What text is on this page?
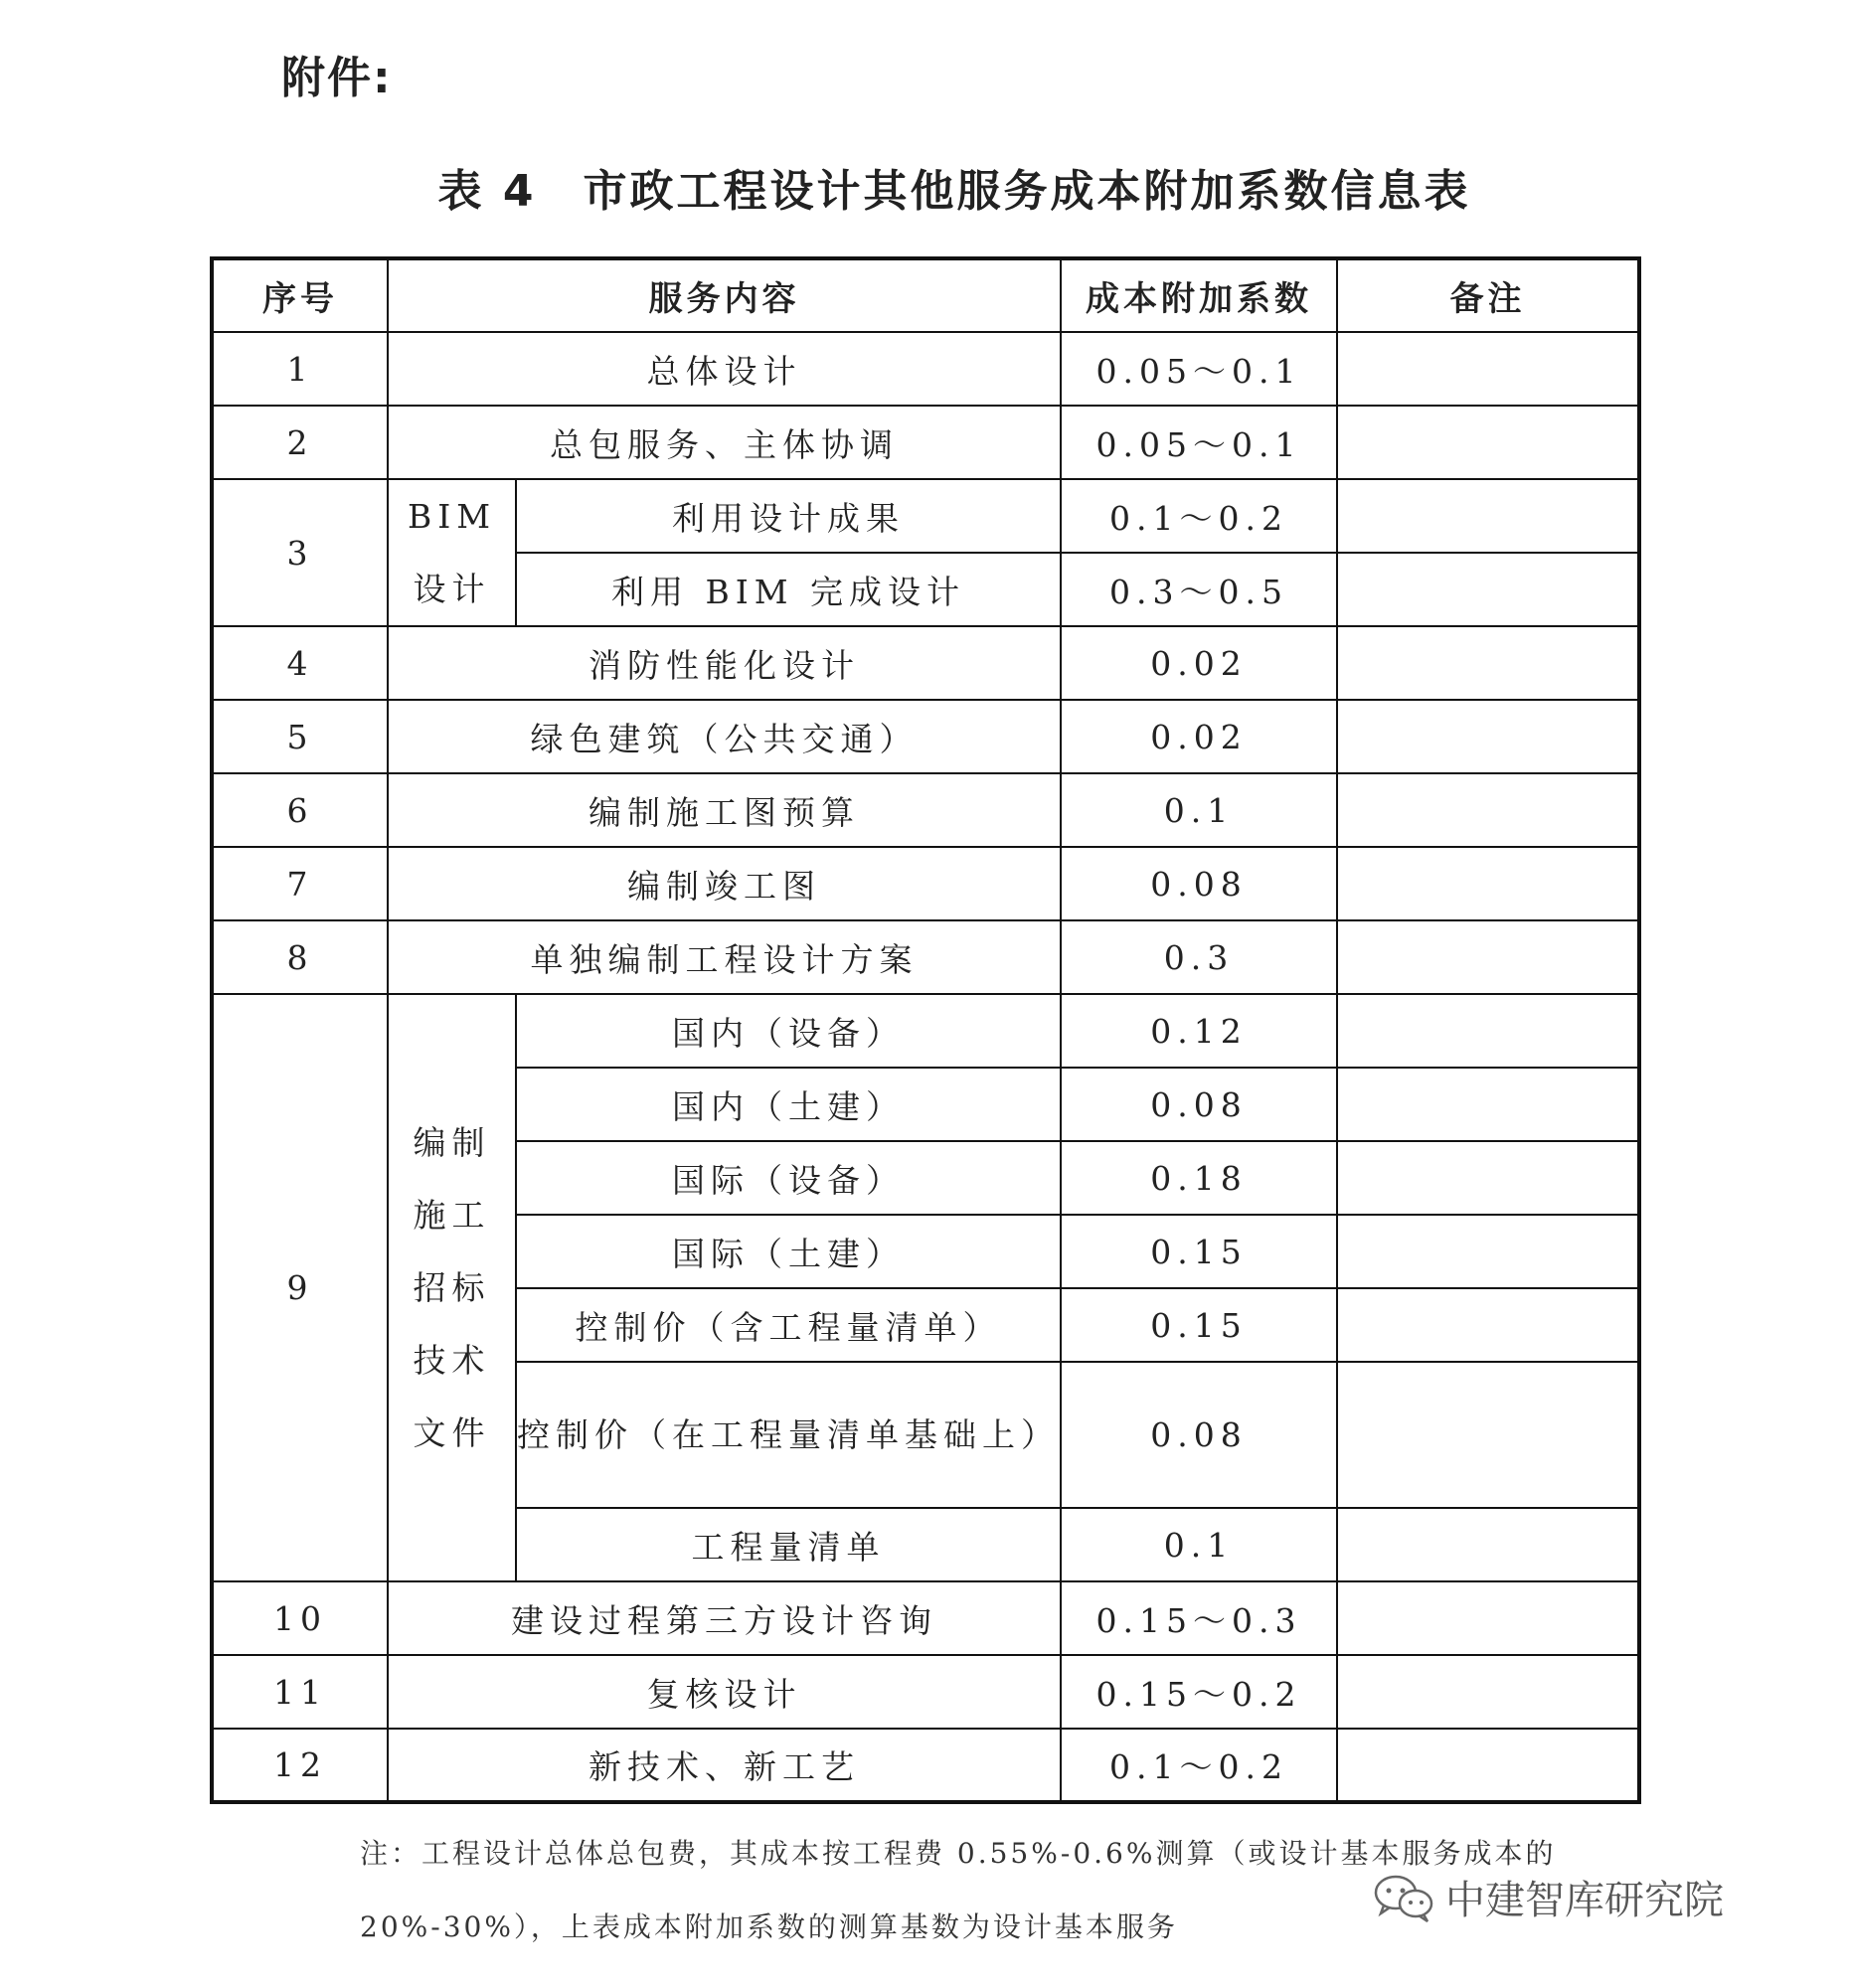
附件:
表 4　市政工程设计其他服务成本附加系数信息表
序号	服务内容		成本附加系数	备注
1	总体设计		0.05～0.1	
2	总包服务、主体协调		0.05～0.1	
3	BIM设计	利用设计成果	0.1～0.2	
		利用 BIM 完成设计	0.3～0.5	
4	消防性能化设计		0.02	
5	绿色建筑（公共交通）		0.02	
6	编制施工图预算		0.1	
7	编制竣工图		0.08	
8	单独编制工程设计方案		0.3	
9	编制施工招标技术文件	国内（设备）	0.12	
		国内（土建）	0.08	
		国际（设备）	0.18	
		国际（土建）	0.15	
		控制价（含工程量清单）	0.15	
		控制价（在工程量清单基础上）	0.08	
		工程量清单	0.1	
10	建设过程第三方设计咨询		0.15～0.3	
11	复核设计		0.15～0.2	
12	新技术、新工艺		0.1～0.2	
注：工程设计总体总包费，其成本按工程费 0.55%-0.6%测算（或设计基本服务成本的20%-30%），上表成本附加系数的测算基数为设计基本服务
中建智库研究院
